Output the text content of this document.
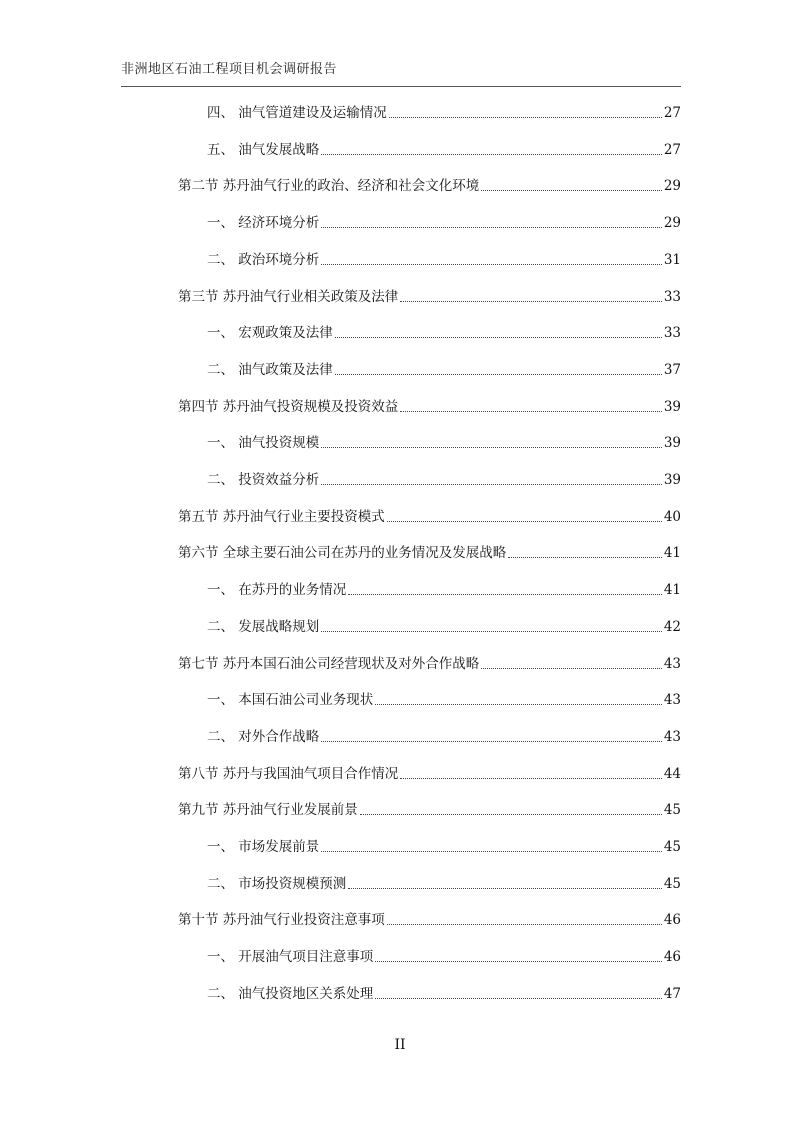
非洲地区石油工程项目机会调研报告
四、 油气管道建设及运输情况	27
五、 油气发展战略	27
第二节 苏丹油气行业的政治、经济和社会文化环境	29
一、 经济环境分析	29
二、 政治环境分析	31
第三节 苏丹油气行业相关政策及法律	33
一、 宏观政策及法律	33
二、 油气政策及法律	37
第四节 苏丹油气投资规模及投资效益	39
一、 油气投资规模	39
二、 投资效益分析	39
第五节 苏丹油气行业主要投资模式	40
第六节 全球主要石油公司在苏丹的业务情况及发展战略	41
一、 在苏丹的业务情况	41
二、 发展战略规划	42
第七节 苏丹本国石油公司经营现状及对外合作战略	43
一、 本国石油公司业务现状	43
二、 对外合作战略	43
第八节 苏丹与我国油气项目合作情况	44
第九节 苏丹油气行业发展前景	45
一、 市场发展前景	45
二、 市场投资规模预测	45
第十节 苏丹油气行业投资注意事项	46
一、 开展油气项目注意事项	46
二、 油气投资地区关系处理	47
II
